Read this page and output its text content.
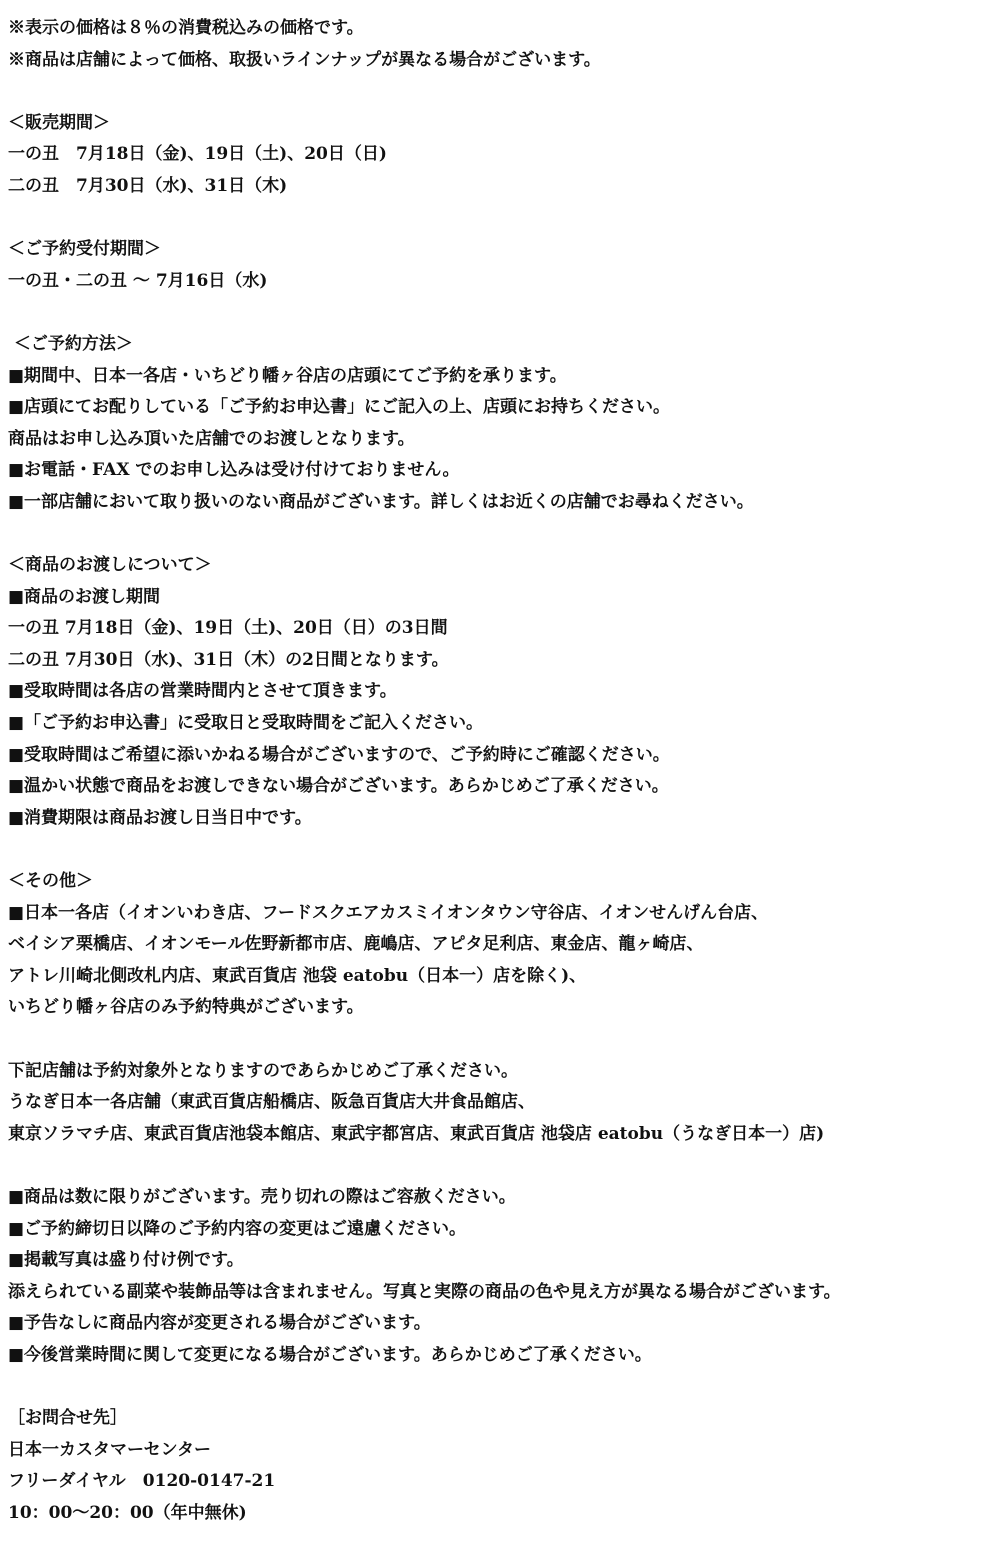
※表示の価格は８％の消費税込みの価格です。
※商品は店舗によって価格、取扱いラインナップが異なる場合がございます。
＜販売期間＞
一の丑　7月18日（金)、19日（土)、20日（日)
二の丑　7月30日（水)、31日（木)
＜ご予約受付期間＞
一の丑・二の丑 〜 7月16日（水)
＜ご予約方法＞
■期間中、日本一各店・いちどり幡ヶ谷店の店頭にてご予約を承ります。
■店頭にてお配りしている「ご予約お申込書」にご記入の上、店頭にお持ちください。
商品はお申し込み頂いた店舗でのお渡しとなります。
■お電話・FAX でのお申し込みは受け付けておりません。
■一部店舗において取り扱いのない商品がございます。詳しくはお近くの店舗でお尋ねください。
＜商品のお渡しについて＞
■商品のお渡し期間
一の丑 7月18日（金)、19日（土)、20日（日）の3日間
二の丑 7月30日（水)、31日（木）の2日間となります。
■受取時間は各店の営業時間内とさせて頂きます。
■「ご予約お申込書」に受取日と受取時間をご記入ください。
■受取時間はご希望に添いかねる場合がございますので、ご予約時にご確認ください。
■温かい状態で商品をお渡しできない場合がございます。あらかじめご了承ください。
■消費期限は商品お渡し日当日中です。
＜その他＞
■日本一各店（イオンいわき店、フードスクエアカスミイオンタウン守谷店、イオンせんげん台店、
ベイシア栗橋店、イオンモール佐野新都市店、鹿嶋店、アピタ足利店、東金店、龍ヶ崎店、
アトレ川崎北側改札内店、東武百貨店 池袋 eatobu（日本一）店を除く)、
いちどり幡ヶ谷店のみ予約特典がございます。
下記店舗は予約対象外となりますのであらかじめご了承ください。
うなぎ日本一各店舗（東武百貨店船橋店、阪急百貨店大井食品館店、
東京ソラマチ店、東武百貨店池袋本館店、東武宇都宮店、東武百貨店 池袋店 eatobu（うなぎ日本一）店)
■商品は数に限りがございます。売り切れの際はご容赦ください。
■ご予約締切日以降のご予約内容の変更はご遠慮ください。
■掲載写真は盛り付け例です。
添えられている副菜や装飾品等は含まれません。写真と実際の商品の色や見え方が異なる場合がございます。
■予告なしに商品内容が変更される場合がございます。
■今後営業時間に関して変更になる場合がございます。あらかじめご了承ください。
［お問合せ先］
日本一カスタマーセンター
フリーダイヤル　0120-0147-21
10：00〜20：00（年中無休)
